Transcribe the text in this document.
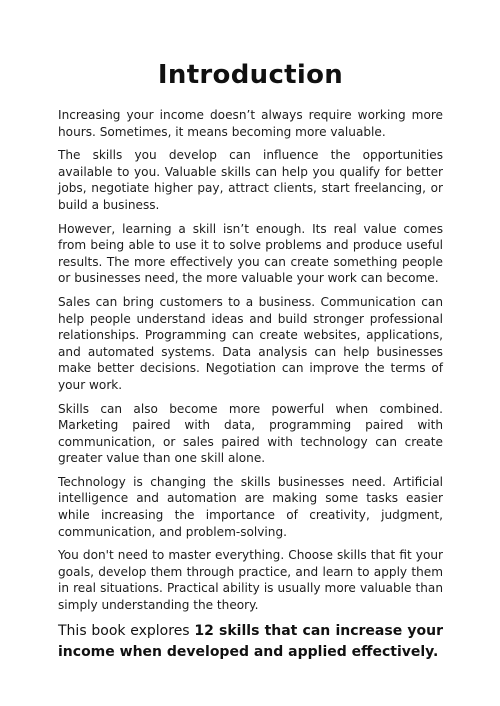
Introduction

Increasing your income doesn’t always require working more hours. Sometimes, it means becoming more valuable.

The skills you develop can influence the opportunities available to you. Valuable skills can help you qualify for better jobs, negotiate higher pay, attract clients, start freelancing, or build a business.

However, learning a skill isn’t enough. Its real value comes from being able to use it to solve problems and produce useful results. The more effectively you can create something people or businesses need, the more valuable your work can become.

Sales can bring customers to a business. Communication can help people understand ideas and build stronger professional relationships. Programming can create websites, applications, and automated systems. Data analysis can help businesses make better decisions. Negotiation can improve the terms of your work.

Skills can also become more powerful when combined. Marketing paired with data, programming paired with communication, or sales paired with technology can create greater value than one skill alone.

Technology is changing the skills businesses need. Artificial intelligence and automation are making some tasks easier while increasing the importance of creativity, judgment, communication, and problem-solving.

You don't need to master everything. Choose skills that fit your goals, develop them through practice, and learn to apply them in real situations. Practical ability is usually more valuable than simply understanding the theory.

This book explores 12 skills that can increase your income when developed and applied effectively.
